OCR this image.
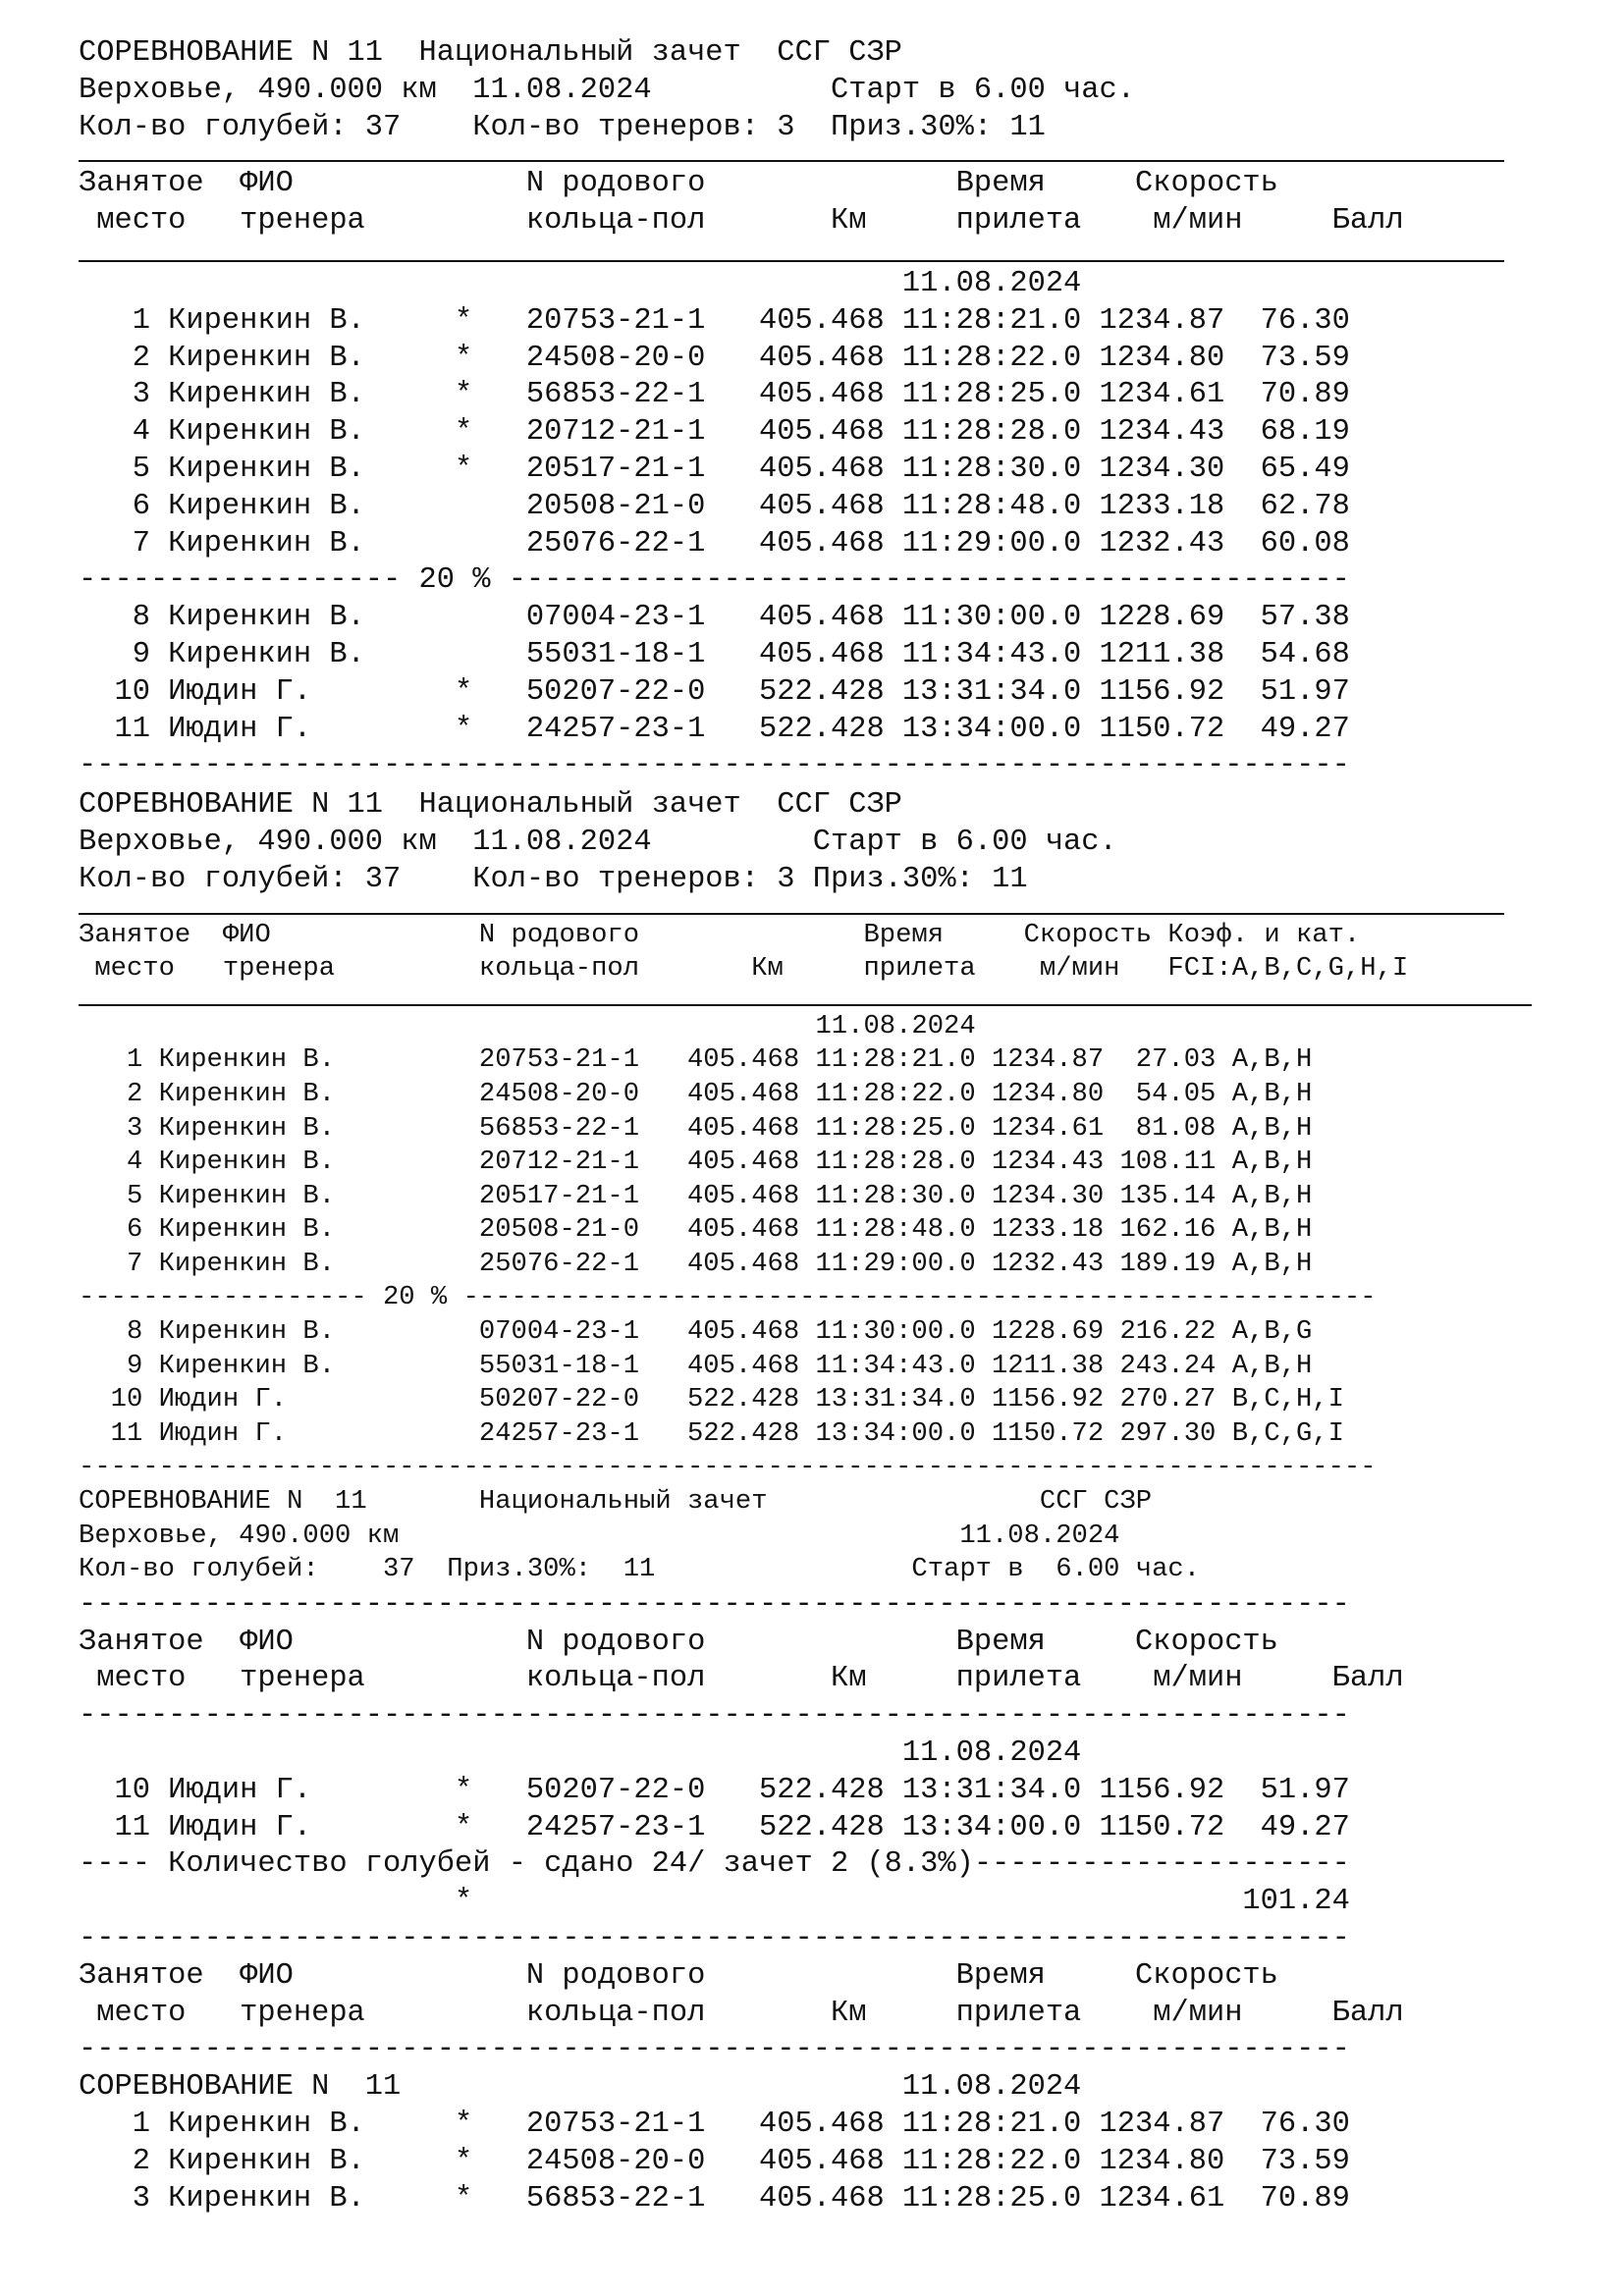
СОРЕВНОВАНИЕ N 11  Национальный зачет  ССГ СЗР
Верховье, 490.000 км  11.08.2024          Старт в 6.00 час.
Кол-во голубей: 37    Кол-во тренеров: 3  Приз.30%: 11
Занятое  ФИО             N родового              Время     Скорость
место   тренера         кольца-пол       Км     прилета    м/мин     Балл
11.08.2024
1 Киренкин В.     *   20753-21-1   405.468 11:28:21.0 1234.87  76.30
2 Киренкин В.     *   24508-20-0   405.468 11:28:22.0 1234.80  73.59
3 Киренкин В.     *   56853-22-1   405.468 11:28:25.0 1234.61  70.89
4 Киренкин В.     *   20712-21-1   405.468 11:28:28.0 1234.43  68.19
5 Киренкин В.     *   20517-21-1   405.468 11:28:30.0 1234.30  65.49
6 Киренкин В.         20508-21-0   405.468 11:28:48.0 1233.18  62.78
7 Киренкин В.         25076-22-1   405.468 11:29:00.0 1232.43  60.08
------------------ 20 % -----------------------------------------------
8 Киренкин В.         07004-23-1   405.468 11:30:00.0 1228.69  57.38
9 Киренкин В.         55031-18-1   405.468 11:34:43.0 1211.38  54.68
10 Июдин Г.        *   50207-22-0   522.428 13:31:34.0 1156.92  51.97
11 Июдин Г.        *   24257-23-1   522.428 13:34:00.0 1150.72  49.27
-----------------------------------------------------------------------
СОРЕВНОВАНИЕ N 11  Национальный зачет  ССГ СЗР
Верховье, 490.000 км  11.08.2024         Старт в 6.00 час.
Кол-во голубей: 37    Кол-во тренеров: 3 Приз.30%: 11
Занятое  ФИО             N родового              Время     Скорость Коэф. и кат.
место   тренера         кольца-пол       Км     прилета    м/мин   FCI:A,B,C,G,H,I
11.08.2024
1 Киренкин В.         20753-21-1   405.468 11:28:21.0 1234.87  27.03 A,B,H
2 Киренкин В.         24508-20-0   405.468 11:28:22.0 1234.80  54.05 A,B,H
3 Киренкин В.         56853-22-1   405.468 11:28:25.0 1234.61  81.08 A,B,H
4 Киренкин В.         20712-21-1   405.468 11:28:28.0 1234.43 108.11 A,B,H
5 Киренкин В.         20517-21-1   405.468 11:28:30.0 1234.30 135.14 A,B,H
6 Киренкин В.         20508-21-0   405.468 11:28:48.0 1233.18 162.16 A,B,H
7 Киренкин В.         25076-22-1   405.468 11:29:00.0 1232.43 189.19 A,B,H
------------------ 20 % ---------------------------------------------------------
8 Киренкин В.         07004-23-1   405.468 11:30:00.0 1228.69 216.22 A,B,G
9 Киренкин В.         55031-18-1   405.468 11:34:43.0 1211.38 243.24 A,B,H
10 Июдин Г.            50207-22-0   522.428 13:31:34.0 1156.92 270.27 B,C,H,I
11 Июдин Г.            24257-23-1   522.428 13:34:00.0 1150.72 297.30 B,C,G,I
---------------------------------------------------------------------------------
СОРЕВНОВАНИЕ N  11       Национальный зачет                 ССГ СЗР
Верховье, 490.000 км                                   11.08.2024
Кол-во голубей:    37  Приз.30%:  11                Старт в  6.00 час.
-----------------------------------------------------------------------
Занятое  ФИО             N родового              Время     Скорость
место   тренера         кольца-пол       Км     прилета    м/мин     Балл
-----------------------------------------------------------------------
11.08.2024
10 Июдин Г.        *   50207-22-0   522.428 13:31:34.0 1156.92  51.97
11 Июдин Г.        *   24257-23-1   522.428 13:34:00.0 1150.72  49.27
---- Количество голубей - сдано 24/ зачет 2 (8.3%)---------------------
*                                           101.24
-----------------------------------------------------------------------
Занятое  ФИО             N родового              Время     Скорость
место   тренера         кольца-пол       Км     прилета    м/мин     Балл
-----------------------------------------------------------------------
СОРЕВНОВАНИЕ N  11                            11.08.2024
1 Киренкин В.     *   20753-21-1   405.468 11:28:21.0 1234.87  76.30
2 Киренкин В.     *   24508-20-0   405.468 11:28:22.0 1234.80  73.59
3 Киренкин В.     *   56853-22-1   405.468 11:28:25.0 1234.61  70.89
